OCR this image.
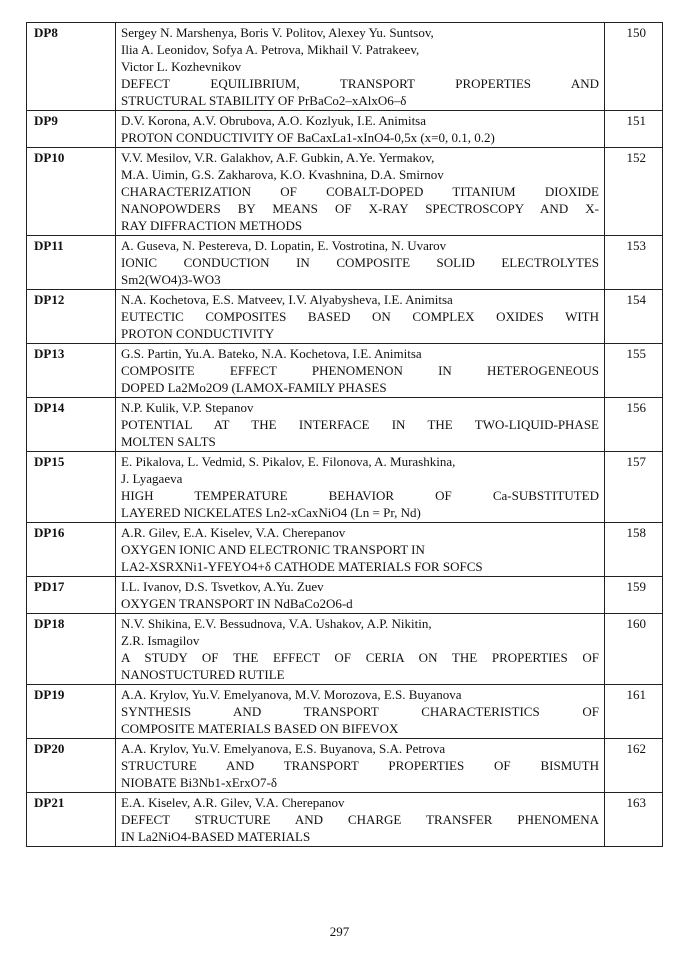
DP8	Sergey N. Marshenya, Boris V. Politov, Alexey Yu. Suntsov,
Ilia A. Leonidov, Sofya A. Petrova, Mikhail V. Patrakeev,
Victor L. Kozhevnikov
DEFECT EQUILIBRIUM, TRANSPORT PROPERTIES AND
STRUCTURAL STABILITY OF PrBaCo2–xAlxO6–δ	150
DP9	D.V. Korona, A.V. Obrubova, A.O. Kozlyuk, I.E. Animitsa
PROTON CONDUCTIVITY OF BaCaxLa1-xInO4-0,5x (x=0, 0.1, 0.2)	151
DP10	V.V. Mesilov, V.R. Galakhov, A.F. Gubkin, A.Ye. Yermakov,
M.A. Uimin, G.S. Zakharova, K.O. Kvashnina, D.A. Smirnov
CHARACTERIZATION OF COBALT-DOPED TITANIUM DIOXIDE
NANOPOWDERS BY MEANS OF X-RAY SPECTROSCOPY AND X-
RAY DIFFRACTION METHODS	152
DP11	A. Guseva, N. Pestereva, D. Lopatin, E. Vostrotina, N. Uvarov
IONIC CONDUCTION IN COMPOSITE SOLID ELECTROLYTES
Sm2(WO4)3-WO3	153
DP12	N.A. Kochetova, E.S. Matveev, I.V. Alyabysheva, I.E. Animitsa
EUTECTIC COMPOSITES BASED ON COMPLEX OXIDES WITH
PROTON CONDUCTIVITY	154
DP13	G.S. Partin, Yu.A. Bateko, N.A. Kochetova, I.E. Animitsa
COMPOSITE EFFECT PHENOMENON IN HETEROGENEOUS
DOPED La2Mo2O9 (LAMOX-FAMILY PHASES	155
DP14	N.P. Kulik, V.P. Stepanov
POTENTIAL AT THE INTERFACE IN THE TWO-LIQUID-PHASE
MOLTEN SALTS	156
DP15	E. Pikalova, L. Vedmid, S. Pikalov, E. Filonova, A. Murashkina,
J. Lyagaeva
HIGH TEMPERATURE BEHAVIOR OF Ca-SUBSTITUTED
LAYERED NICKELATES Ln2-xCaxNiO4 (Ln = Pr, Nd)	157
DP16	A.R. Gilev, E.A. Kiselev, V.A. Cherepanov
OXYGEN IONIC AND ELECTRONIC TRANSPORT IN
LA2-XSRXNi1-YFEYO4+δ CATHODE MATERIALS FOR SOFCS	158
PD17	I.L. Ivanov, D.S. Tsvetkov, A.Yu. Zuev
OXYGEN TRANSPORT IN NdBaCo2O6-d	159
DP18	N.V. Shikina, E.V. Bessudnova, V.A. Ushakov, A.P. Nikitin,
Z.R. Ismagilov
A STUDY OF THE EFFECT OF CERIA ON THE PROPERTIES OF
NANOSTUCTURED RUTILE	160
DP19	A.A. Krylov, Yu.V. Emelyanova, M.V. Morozova, E.S. Buyanova
SYNTHESIS AND TRANSPORT CHARACTERISTICS OF
COMPOSITE MATERIALS BASED ON BIFEVOX	161
DP20	A.A. Krylov, Yu.V. Emelyanova, E.S. Buyanova, S.A. Petrova
STRUCTURE AND TRANSPORT PROPERTIES OF BISMUTH
NIOBATE Bi3Nb1-xErxO7-δ	162
DP21	E.A. Kiselev, A.R. Gilev, V.A. Cherepanov
DEFECT STRUCTURE AND CHARGE TRANSFER PHENOMENA
IN La2NiO4-BASED MATERIALS	163
297
